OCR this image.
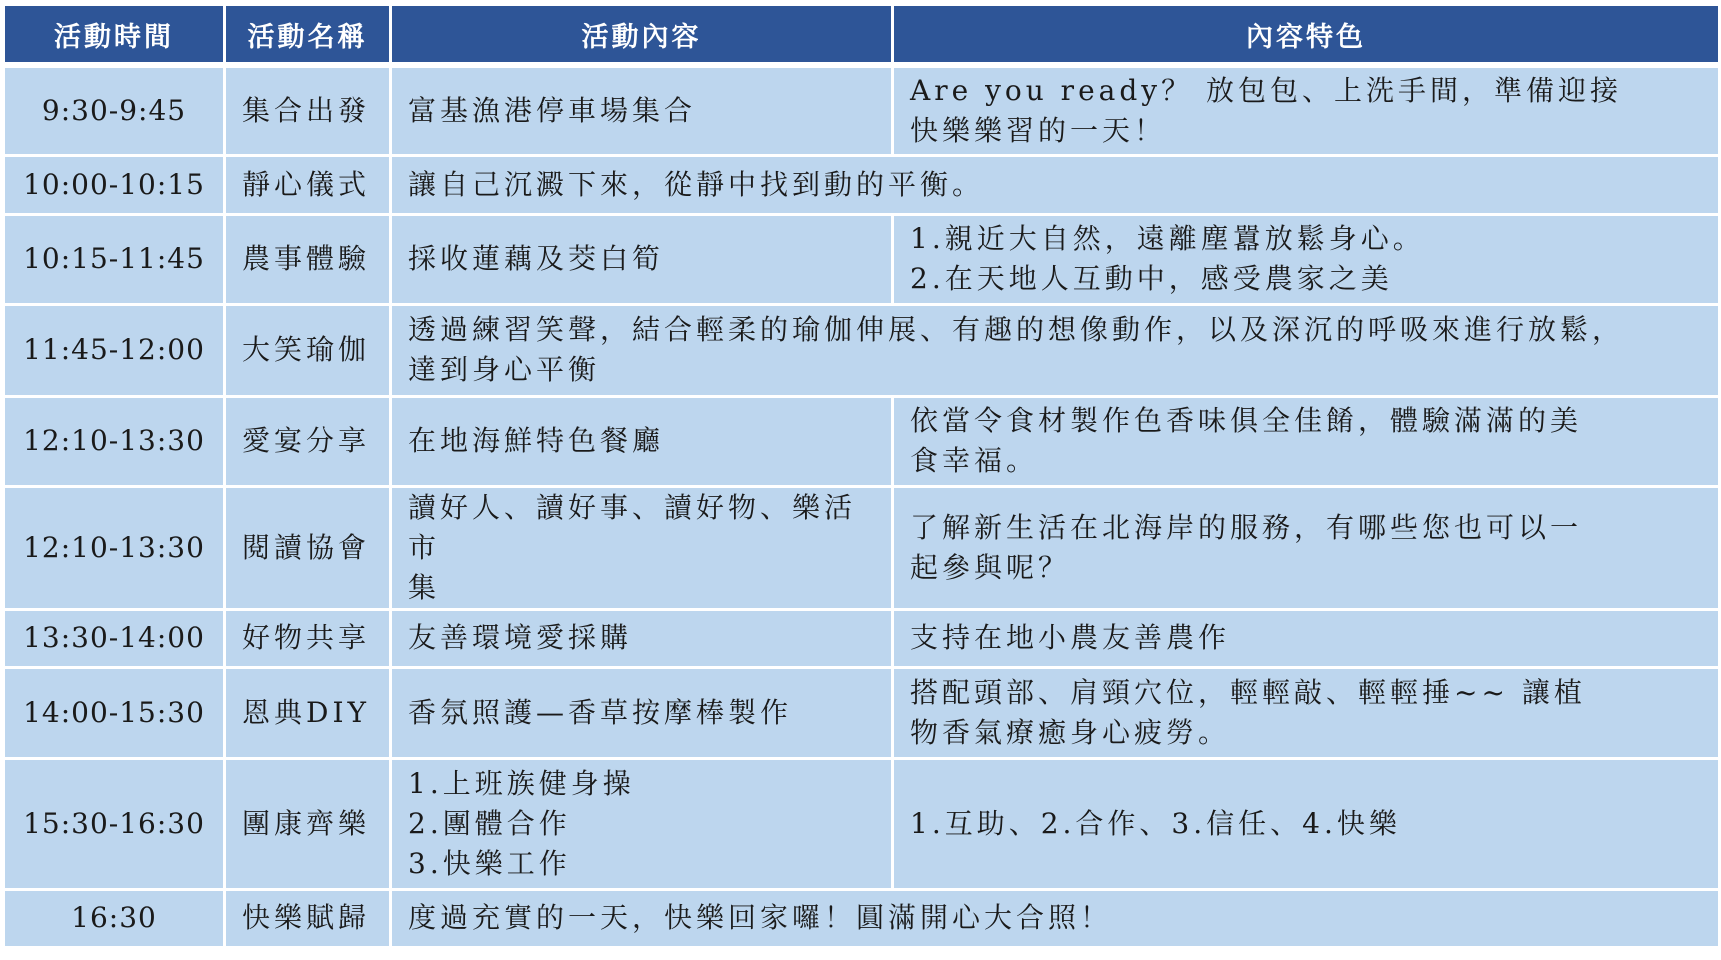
活動時間	活動名稱	活動內容	內容特色
9:30-9:45	集合出發	富基漁港停車場集合	Are you ready？ 放包包、上洗手間，準備迎接
快樂樂習的一天！

10:00-10:15	靜心儀式	讓自己沉澱下來，從靜中找到動的平衡。	

10:15-11:45	農事體驗	採收蓮藕及茭白筍	1.親近大自然，遠離塵囂放鬆身心。
2.在天地人互動中，感受農家之美

11:45-12:00	大笑瑜伽	透過練習笑聲，結合輕柔的瑜伽伸展、有趣的想像動作，以及深沉的呼吸來進行放鬆，
達到身心平衡	

12:10-13:30	愛宴分享	在地海鮮特色餐廳	依當令食材製作色香味俱全佳餚，體驗滿滿的美
食幸福。

12:10-13:30	閱讀協會	讀好人、讀好事、讀好物、樂活市
集	了解新生活在北海岸的服務，有哪些您也可以一
起參與呢？

13:30-14:00	好物共享	友善環境愛採購	支持在地小農友善農作

14:00-15:30	恩典DIY	香氛照護—香草按摩棒製作	搭配頭部、肩頸穴位，輕輕敲、輕輕捶~~ 讓植
物香氣療癒身心疲勞。

15:30-16:30	團康齊樂	1.上班族健身操
2.團體合作
3.快樂工作	1.互助、2.合作、3.信任、4.快樂

16:30	快樂賦歸	度過充實的一天，快樂回家囉！圓滿開心大合照！	
